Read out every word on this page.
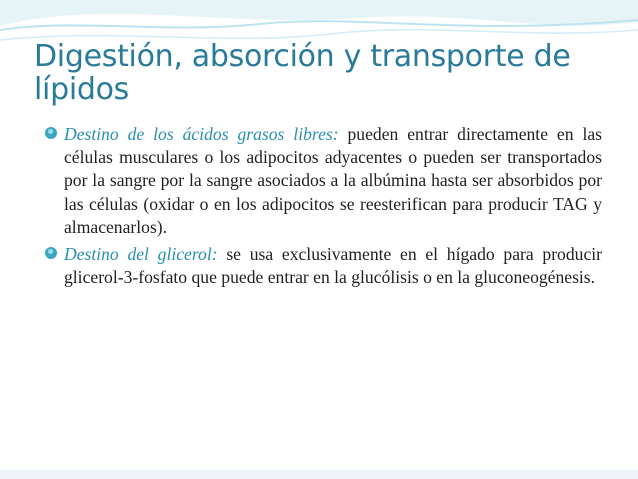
Digestión, absorción y transporte de lípidos
Destino de los ácidos grasos libres: pueden entrar directamente en las células musculares o los adipocitos adyacentes o pueden ser transportados por la sangre por la sangre asociados a la albúmina hasta ser absorbidos por las células (oxidar o en los adipocitos se reesterifican para producir TAG y almacenarlos).
Destino del glicerol: se usa exclusivamente en el hígado para producir glicerol-3-fosfato que puede entrar en la glucólisis o en la gluconeogénesis.
